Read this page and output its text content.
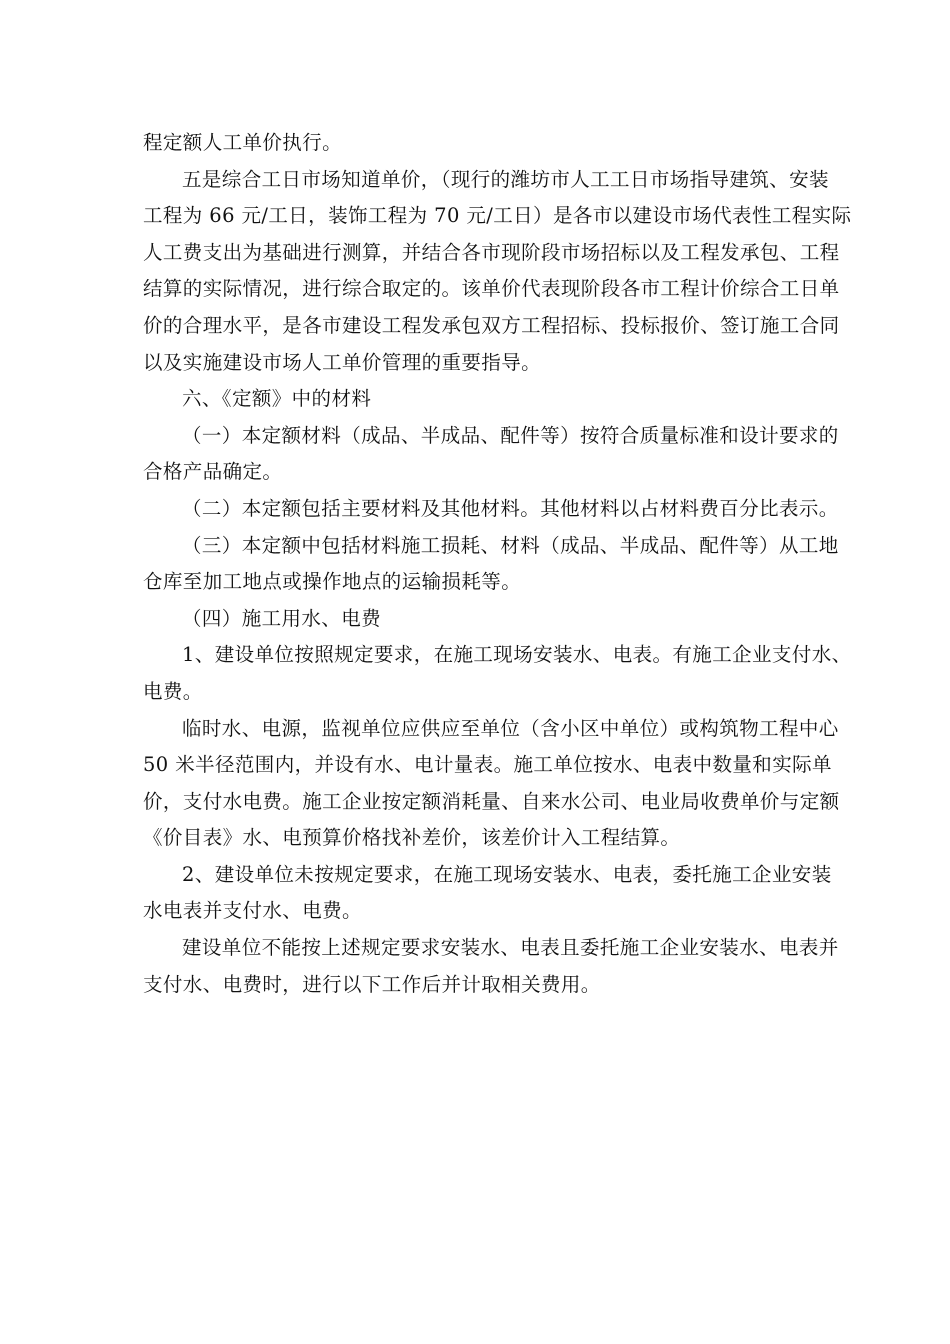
程定额人工单价执行。

五是综合工日市场知道单价，（现行的潍坊市人工工日市场指导建筑、安装
工程为 66 元/工日，装饰工程为 70 元/工日）是各市以建设市场代表性工程实际
人工费支出为基础进行测算，并结合各市现阶段市场招标以及工程发承包、工程
结算的实际情况，进行综合取定的。该单价代表现阶段各市工程计价综合工日单
价的合理水平，是各市建设工程发承包双方工程招标、投标报价、签订施工合同
以及实施建设市场人工单价管理的重要指导。

六、《定额》中的材料

（一）本定额材料（成品、半成品、配件等）按符合质量标准和设计要求的
合格产品确定。

（二）本定额包括主要材料及其他材料。其他材料以占材料费百分比表示。

（三）本定额中包括材料施工损耗、材料（成品、半成品、配件等）从工地
仓库至加工地点或操作地点的运输损耗等。

（四）施工用水、电费

1、建设单位按照规定要求，在施工现场安装水、电表。有施工企业支付水、
电费。

临时水、电源，监视单位应供应至单位（含小区中单位）或构筑物工程中心
50 米半径范围内，并设有水、电计量表。施工单位按水、电表中数量和实际单
价，支付水电费。施工企业按定额消耗量、自来水公司、电业局收费单价与定额
《价目表》水、电预算价格找补差价，该差价计入工程结算。

2、建设单位未按规定要求，在施工现场安装水、电表，委托施工企业安装
水电表并支付水、电费。

建设单位不能按上述规定要求安装水、电表且委托施工企业安装水、电表并
支付水、电费时，进行以下工作后并计取相关费用。
